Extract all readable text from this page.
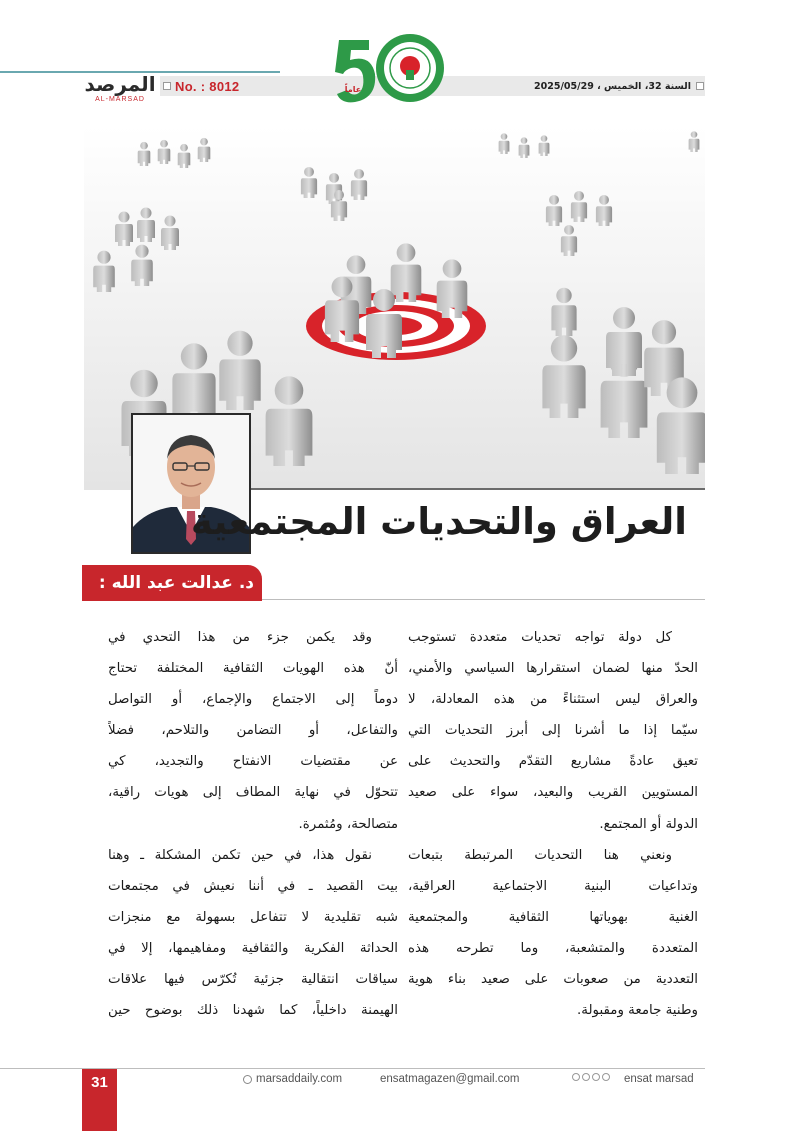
No. : 8012	السنة 32، الخميس ، 2025/05/29
المرصد
AL-MARSAD
عاماً
العراق والتحديات المجتمعية
د. عدالت عبد الله :
كل دولة تواجه تحديات متعددة تستوجب
الحدّ منها لضمان استقرارها السياسي والأمني،
والعراق ليس استثناءً من هذه المعادلة، لا
سيّما إذا ما أشرنا إلى أبرز التحديات التي
تعيق عادةً مشاريع التقدّم والتحديث على
المستويين القريب والبعيد، سواء على صعيد
الدولة أو المجتمع.
ونعني هنا التحديات المرتبطة بتبعات
وتداعيات البنية الاجتماعية العراقية،
الغنية بهوياتها الثقافية والمجتمعية
المتعددة والمتشعبة، وما تطرحه هذه
التعددية من صعوبات على صعيد بناء هوية
وطنية جامعة ومقبولة.
وقد يكمن جزء من هذا التحدي في
أنّ هذه الهويات الثقافية المختلفة تحتاج
دوماً إلى الاجتماع والإجماع، أو التواصل
والتفاعل، أو التضامن والتلاحم، فضلاً
عن مقتضيات الانفتاح والتجديد، كي
تتحوّل في نهاية المطاف إلى هويات راقية،
متصالحة، ومُثمرة.
نقول هذا، في حين تكمن المشكلة ـ وهنا
بيت القصيد ـ في أننا نعيش في مجتمعات
شبه تقليدية لا تتفاعل بسهولة مع منجزات
الحداثة الفكرية والثقافية ومفاهيمها، إلا في
سياقات انتقالية جزئية تُكرّس فيها علاقات
الهيمنة داخلياً، كما شهدنا ذلك بوضوح حين
31	marsaddaily.com	ensatmagazen@gmail.com	ensat marsad
